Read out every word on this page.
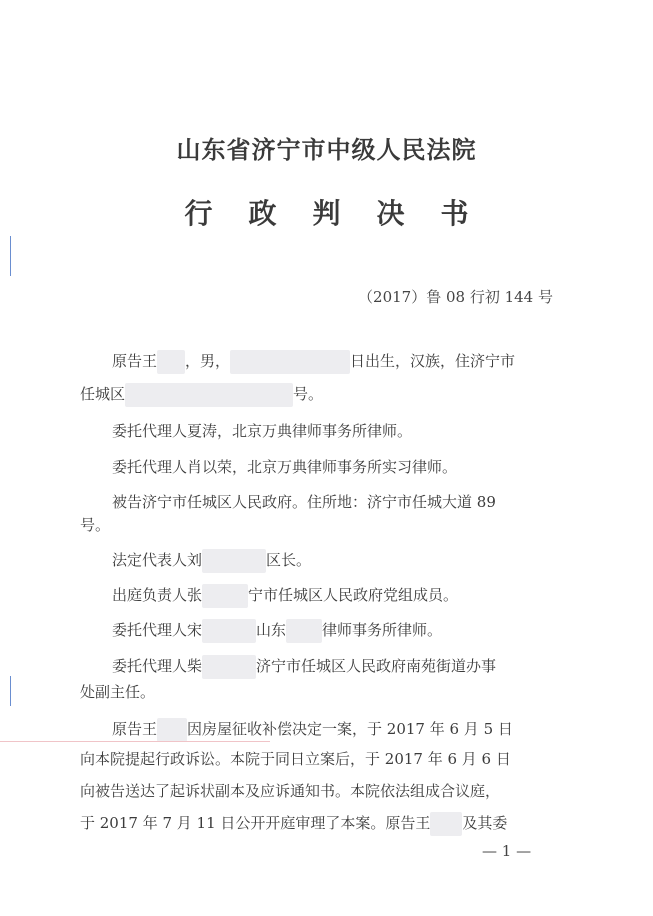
山东省济宁市中级人民法院
行 政 判 决 书
（2017）鲁 08 行初 144 号
原告王 ，男，	日出生，汉族，住济宁市
任城区	号。
委托代理人夏涛，北京万典律师事务所律师。
委托代理人肖以荣，北京万典律师事务所实习律师。
被告济宁市任城区人民政府。住所地：济宁市任城大道 89
号。
法定代表人刘	区长。
出庭负责人张	宁市任城区人民政府党组成员。
委托代理人宋	山东 律师事务所律师。
委托代理人柴	济宁市任城区人民政府南苑街道办事
处副主任。
原告王 因房屋征收补偿决定一案，于 2017 年 6 月 5 日
向本院提起行政诉讼。本院于同日立案后，于 2017 年 6 月 6 日
向被告送达了起诉状副本及应诉通知书。本院依法组成合议庭，
于 2017 年 7 月 11 日公开开庭审理了本案。原告王 及其委
— 1 —
